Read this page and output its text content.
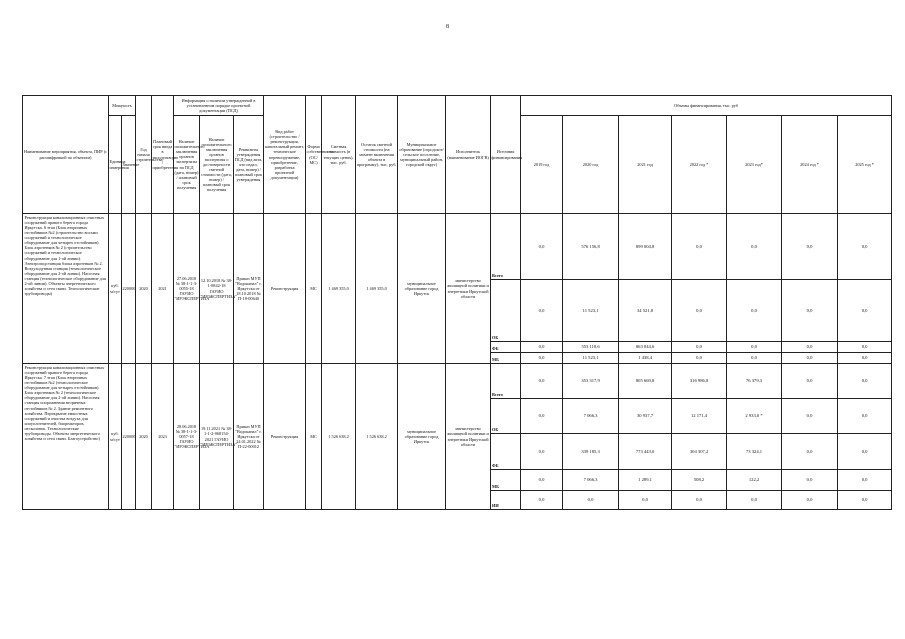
8
Наименование мероприятия, объекта, ПИР (с расшифровкой по объектам)	Мощность		Год начала строительства	Плановый срок ввода в эксплуатацию / приобретения	Информация о наличии утвержденной в установленном порядке проектной документации (ПСД)			Вид работ (строительство / реконструкция, капитальный ремонт, техническое перевооружение, приобретение, разработка проектной документации)	Форма собственности (ОС/МС)	Сметная стоимость (в текущих ценах), тыс. руб.	Остаток сметной стоимости (на момент включения объекта в программу), тыс. руб.	Муниципальное образование (городское/сельское поселение, муниципальный район, городской округ)	Исполнитель (наименование ИОГВ)	Источник финансирования	Объемы финансирования, тыс. руб						
	Единица измерения	Значение			Наличие положительного заключения органов экспертизы на ПСД (дата, номер) / плановый срок получения	Наличие положительного заключения органов экспертизы о достоверности сметной стоимости (дата, номер) / плановый срок получения	Реквизиты утверждения ПСД (вид акта, кто издал, дата, номер) / плановый срок утверждения								2019 год	2020 год	2021 год	2022 год *	2023 год*	2024 год *	2025 год *
Реконструкция канализационных очистных сооружений правого берега города Иркутска. 6 этап (Блок вторичных отстойников №2 (строительство восьми сооружений и технологическое оборудование для четырех отстойников). Блок аэротенков № 2 (строительство сооружений и технологическое оборудование для 1-ой линии). Электроподстанция блока аэротенков № 2. Воздуходувная станция (технологическое оборудование для 2-ой линии). Насосная станция (технологическое оборудование для 2-ой линии). Объекты энергетического хозяйства и сети связи. Технологические трубопроводы)	куб. м/сут	220000	2020	2021	27.06.2018 № 38-1-1-3-0055-18 ГАУИО "ИРЭКСПЕРТИЗА"	12.10.2018 № 38-1-0842-18 ГАУИО "ИРЭКСПЕРТИЗА"	Приказ МУП "Водоканал" г. Иркутска от 18.10.2018 № П-18-00640	Реконструкция	МС	1 469 355,0	1 469 355,0	муниципальное образование город Иркутск	министерство жилищной политики и энергетики Иркутской области	Всего	0,0	576 156,8	899 004,8	0,0	0,0	0,0	0,0
														ОБ	0,0	11 523,1	34 521,8	0,0	0,0	0,0	0,0
														ФБ	0,0	553 110,6	863 044,6	0,0	0,0	0,0	0,0
														МБ	0,0	11 523,1	1 438,4	0,0	0,0	0,0	0,0
Реконструкция канализационных очистных сооружений правого берега города Иркутска. 7 этап (Блок вторичных отстойников №2 (технологическое оборудование для четырех отстойников). Блок аэротенков № 2 (технологическое оборудование для 2-ой линии). Насосная станция опорожнения вторичных отстойников № 2. Здание ремонтного хозяйства. Перекрытие емкостных сооружений и очистка воздуха для илоуплотнителей, биореакторов, песколовок. Технологические трубопроводы. Объекты энергетического хозяйства и сети связи. Благоустройство)	куб. м/сут	220000	2020	2023	28.06.2018 № 38-1-1-3-0057-18 ГАУИО "ИРЭКСПЕРТИЗА"	19.11.2021 № 38-1-1-2-068154-2021 ГАУИО "ИРЭКСПЕРТИЗА"	Приказ МУП "Водоканал" г. Иркутска от 24.01.2022 № П-22-00012	Реконструкция	МС	1 526 638,2	1 526 638,2	муниципальное образование город Иркутск	министерство жилищной политики и энергетики Иркутской области	Всего	0,0	353 317,9	805 669,8	316 986,8	76 379,3	0,0	0,0
														ОБ	0,0	7 066,3	30 937,7	12 171,4	2 933,0 *	0,0	0,0
														ФБ	0,0	339 185,3	773 443,0	304 307,2	73 324,1	0,0	0,0
														МБ	0,0	7 066,3	1 289,1	508,2	122,2	0,0	0,0
														ИИ	0,0	0,0	0,0	0,0	0,0	0,0	0,0
